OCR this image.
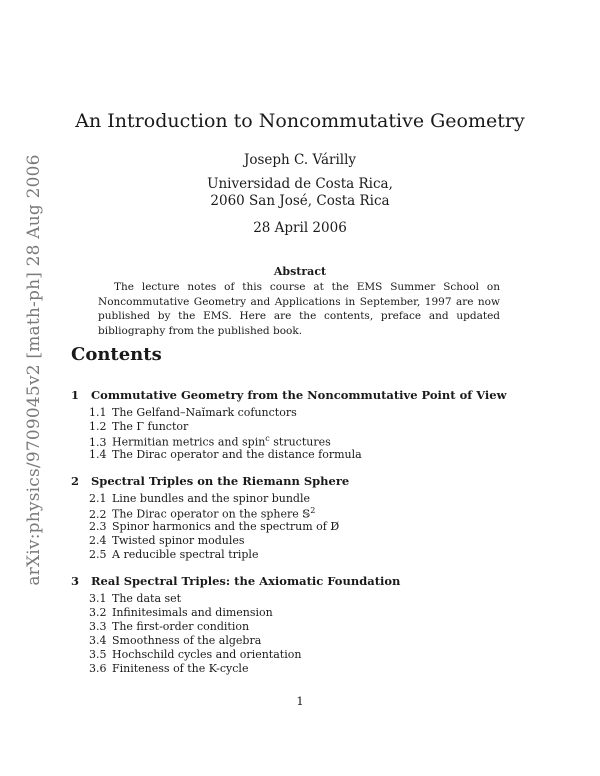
arXiv:physics/9709045v2 [math-ph] 28 Aug 2006
An Introduction to Noncommutative Geometry
Joseph C. Várilly
Universidad de Costa Rica,
2060 San José, Costa Rica
28 April 2006
Abstract
The lecture notes of this course at the EMS Summer School on Noncommutative Geometry and Applications in September, 1997 are now published by the EMS. Here are the contents, preface and updated bibliography from the published book.
Contents
1 Commutative Geometry from the Noncommutative Point of View
1.1 The Gelfand–Naĭmark cofunctors
1.2 The Γ functor
1.3 Hermitian metrics and spin$^c$ structures
1.4 The Dirac operator and the distance formula
2 Spectral Triples on the Riemann Sphere
2.1 Line bundles and the spinor bundle
2.2 The Dirac operator on the sphere 𝕊$^2$
2.3 Spinor harmonics and the spectrum of D̸
2.4 Twisted spinor modules
2.5 A reducible spectral triple
3 Real Spectral Triples: the Axiomatic Foundation
3.1 The data set
3.2 Infinitesimals and dimension
3.3 The first-order condition
3.4 Smoothness of the algebra
3.5 Hochschild cycles and orientation
3.6 Finiteness of the K-cycle
1
